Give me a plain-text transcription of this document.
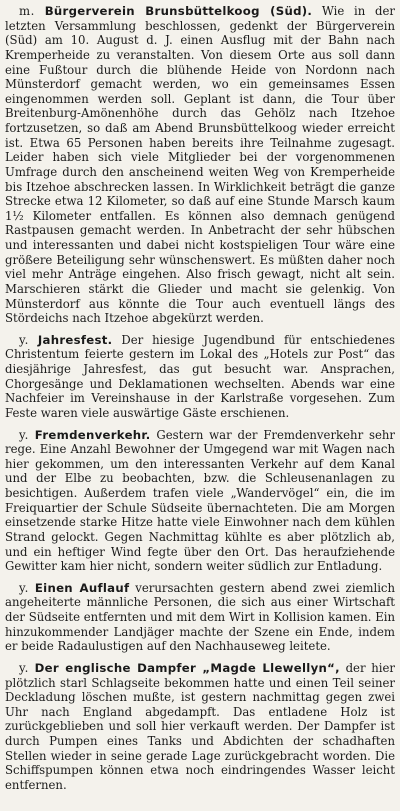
m. Bürgerverein Brunsbüttelkoog (Süd). Wie in der letzten Versammlung beschlossen, gedenkt der Bürgerverein (Süd) am 10. August d. J. einen Ausflug mit der Bahn nach Kremperheide zu veranstalten. Von diesem Orte aus soll dann eine Fußtour durch die blühende Heide von Nordonn nach Münsterdorf gemacht werden, wo ein gemeinsames Essen eingenommen werden soll. Geplant ist dann, die Tour über Breitenburg-Amönenhöhe durch das Gehölz nach Itzehoe fortzusetzen, so daß am Abend Brunsbüttelkoog wieder erreicht ist. Etwa 65 Personen haben bereits ihre Teilnahme zugesagt. Leider haben sich viele Mitglieder bei der vorgenommenen Umfrage durch den anscheinend weiten Weg von Kremperheide bis Itzehoe abschrecken lassen. In Wirklichkeit beträgt die ganze Strecke etwa 12 Kilometer, so daß auf eine Stunde Marsch kaum 1½ Kilometer entfallen. Es können also demnach genügend Rastpausen gemacht werden. In Anbetracht der sehr hübschen und interessanten und dabei nicht kostspieligen Tour wäre eine größere Beteiligung sehr wünschenswert. Es müßten daher noch viel mehr Anträge eingehen. Also frisch gewagt, nicht alt sein. Marschieren stärkt die Glieder und macht sie gelenkig. Von Münsterdorf aus könnte die Tour auch eventuell längs des Stördeichs nach Itzehoe abgekürzt werden.

y. Jahresfest. Der hiesige Jugendbund für entschiedenes Christentum feierte gestern im Lokal des „Hotels zur Post“ das diesjährige Jahresfest, das gut besucht war. Ansprachen, Chorgesänge und Deklamationen wechselten. Abends war eine Nachfeier im Vereinshause in der Karlstraße vorgesehen. Zum Feste waren viele auswärtige Gäste erschienen.

y. Fremdenverkehr. Gestern war der Fremdenverkehr sehr rege. Eine Anzahl Bewohner der Umgegend war mit Wagen nach hier gekommen, um den interessanten Verkehr auf dem Kanal und der Elbe zu beobachten, bzw. die Schleusenanlagen zu besichtigen. Außerdem trafen viele „Wandervögel“ ein, die im Freiquartier der Schule Südseite übernachteten. Die am Morgen einsetzende starke Hitze hatte viele Einwohner nach dem kühlen Strand gelockt. Gegen Nachmittag kühlte es aber plötzlich ab, und ein heftiger Wind fegte über den Ort. Das heraufziehende Gewitter kam hier nicht, sondern weiter südlich zur Entladung.

y. Einen Auflauf verursachten gestern abend zwei ziemlich angeheiterte männliche Personen, die sich aus einer Wirtschaft der Südseite entfernten und mit dem Wirt in Kollision kamen. Ein hinzukommender Landjäger machte der Szene ein Ende, indem er beide Radaulustigen auf den Nachhauseweg leitete.

y. Der englische Dampfer „Magde Llewellyn“, der hier plötzlich starl Schlagseite bekommen hatte und einen Teil seiner Deckladung löschen mußte, ist gestern nachmittag gegen zwei Uhr nach England abgedampft. Das entladene Holz ist zurückgeblieben und soll hier verkauft werden. Der Dampfer ist durch Pumpen eines Tanks und Abdichten der schadhaften Stellen wieder in seine gerade Lage zurückgebracht worden. Die Schiffspumpen können etwa noch eindringendes Wasser leicht entfernen.
